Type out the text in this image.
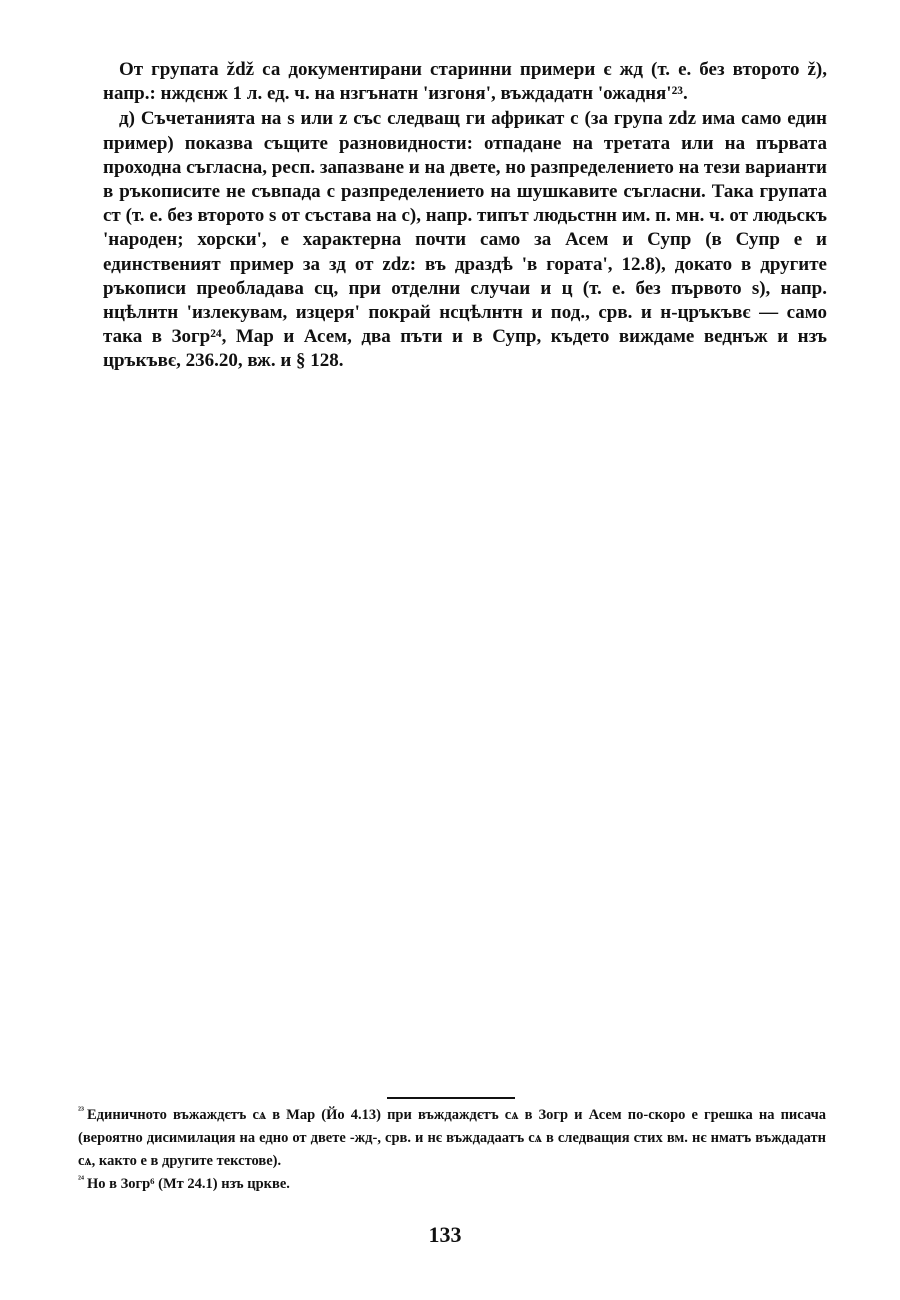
От групата ždž са документирани старинни примери є жд (т. е. без второто ž), напр.: нждєнж 1 л. ед. ч. на нзгънатн 'изгоня', въждадатн 'ожадня'²³.

д) Съчетанията на s или z със следващ ги африкат c (за група zdz има само един пример) показва същите разновидности: отпадане на третата или на първата проходна съгласна, респ. запазване и на двете, но разпределението на тези варианти в ръкописите не съвпада с разпределението на шушкавите съгласни. Така групата ст (т. е. без второто s от състава на c), напр. типът людьстнн им. п. мн. ч. от людьскъ 'народен; хорски', е характерна почти само за Асем и Супр (в Супр е и единственият пример за зд от zdz: въ драздѣ 'в гората', 12.8), докато в другите ръкописи преобладава сц, при отделни случаи и ц (т. е. без първото s), напр. нцѣлнтн 'излекувам, изцеря' покрай нсцѣлнтн и под., срв. и н-цръкъвє — само така в Зогр²⁴, Мар и Асем, два пъти и в Супр, където виждаме веднъж и нзъ цръкъвє, 236.20, вж. и § 128.

$^{^{23}}$ Единичното въжаждєтъ сѧ в Мар (Йо 4.13) при въждаждєтъ сѧ в Зогр и Асем по-скоро е грешка на писача (вероятно дисимилация на едно от двете -жд-, срв. и нє въждадаатъ сѧ в следващия стих вм. нє нматъ въждадатн сѧ, както е в другите текстове).

$^{^{24}}$ Но в Зогр⁶ (Мт 24.1) нзъ цркве.

133
